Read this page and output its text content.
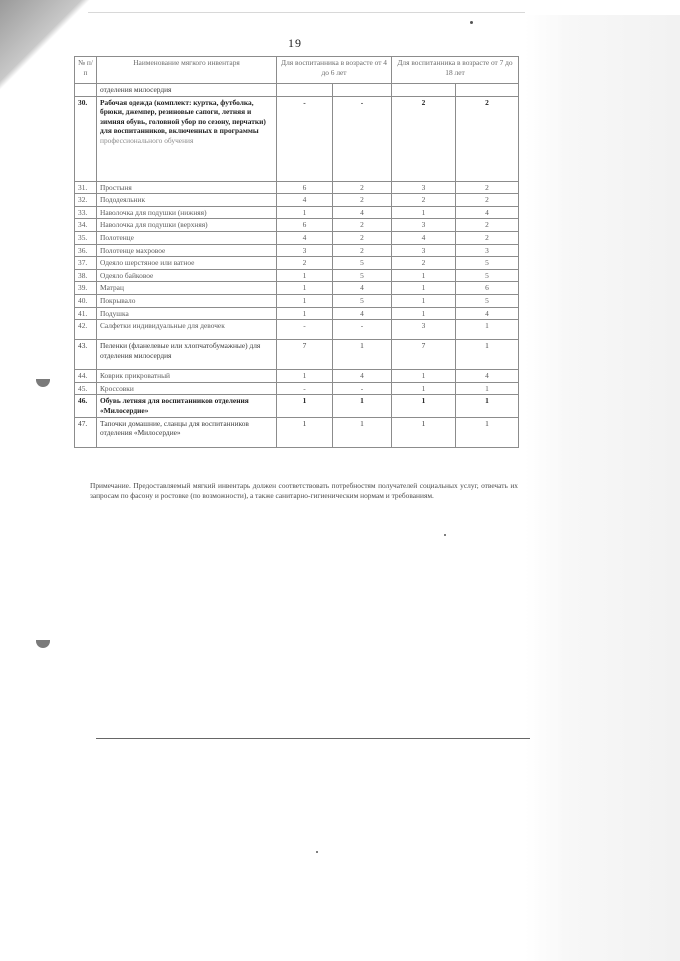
19
№ п/п	Наименование мягкого инвентаря	Для воспитанника в возрасте от 4 до 6 лет		Для воспитанника в возрасте от 7 до 18 лет	
	отделения милосердия				
30.	Рабочая одежда (комплект: куртка, футболка, брюки, джемпер, резиновые сапоги, летняя и зимняя обувь, головной убор по сезону, перчатки) для воспитанников, включенных в программы профессионального обучения	-	-	2	2
31.	Простыня	6	2	3	2
32.	Пододеяльник	4	2	2	2
33.	Наволочка для подушки (нижняя)	1	4	1	4
34.	Наволочка для подушки (верхняя)	6	2	3	2
35.	Полотенце	4	2	4	2
36.	Полотенце махровое	3	2	3	3
37.	Одеяло шерстяное или ватное	2	5	2	5
38.	Одеяло байковое	1	5	1	5
39.	Матрац	1	4	1	6
40.	Покрывало	1	5	1	5
41.	Подушка	1	4	1	4
42.	Салфетки индивидуальные для девочек	-	-	3	1
43.	Пеленки (фланелевые или хлопчатобумажные) для отделения милосердия	7	1	7	1
44.	Коврик прикроватный	1	4	1	4
45.	Кроссовки	-	-	1	1
46.	Обувь летняя для воспитанников отделения «Милосердие»	1	1	1	1
47.	Тапочки домашние, сланцы для воспитанников отделения «Милосердие»	1	1	1	1
Примечание. Предоставляемый мягкий инвентарь должен соответствовать потребностям получателей социальных услуг, отвечать их запросам по фасону и ростовке (по возможности), а также санитарно-гигиеническим нормам и требованиям.
